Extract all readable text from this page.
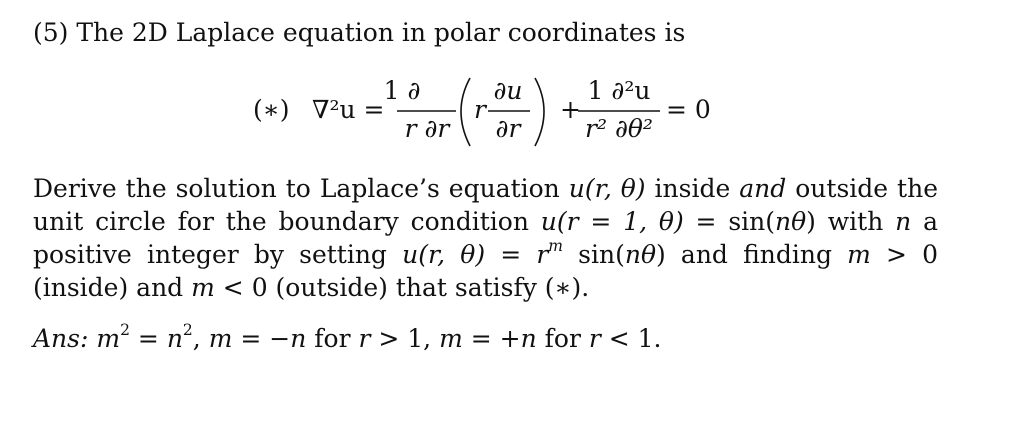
(5) The 2D Laplace equation in polar coordinates is

(∗) ∇²u =
1 ∂
r ∂r
r
∂u
∂r
+
1 ∂²u
r² ∂θ²
= 0

Derive the solution to Laplace’s equation u(r, θ) inside and outside the unit circle for the boundary condition u(r = 1, θ) = sin(nθ) with n a positive integer by setting u(r, $\theta) = r^m$ sin(nθ) and finding m > 0 (inside) and m < 0 (outside) that satisfy (∗).

Ans: $m^2 = n^2$, m = −n for r > 1, m = +n for r < 1.
